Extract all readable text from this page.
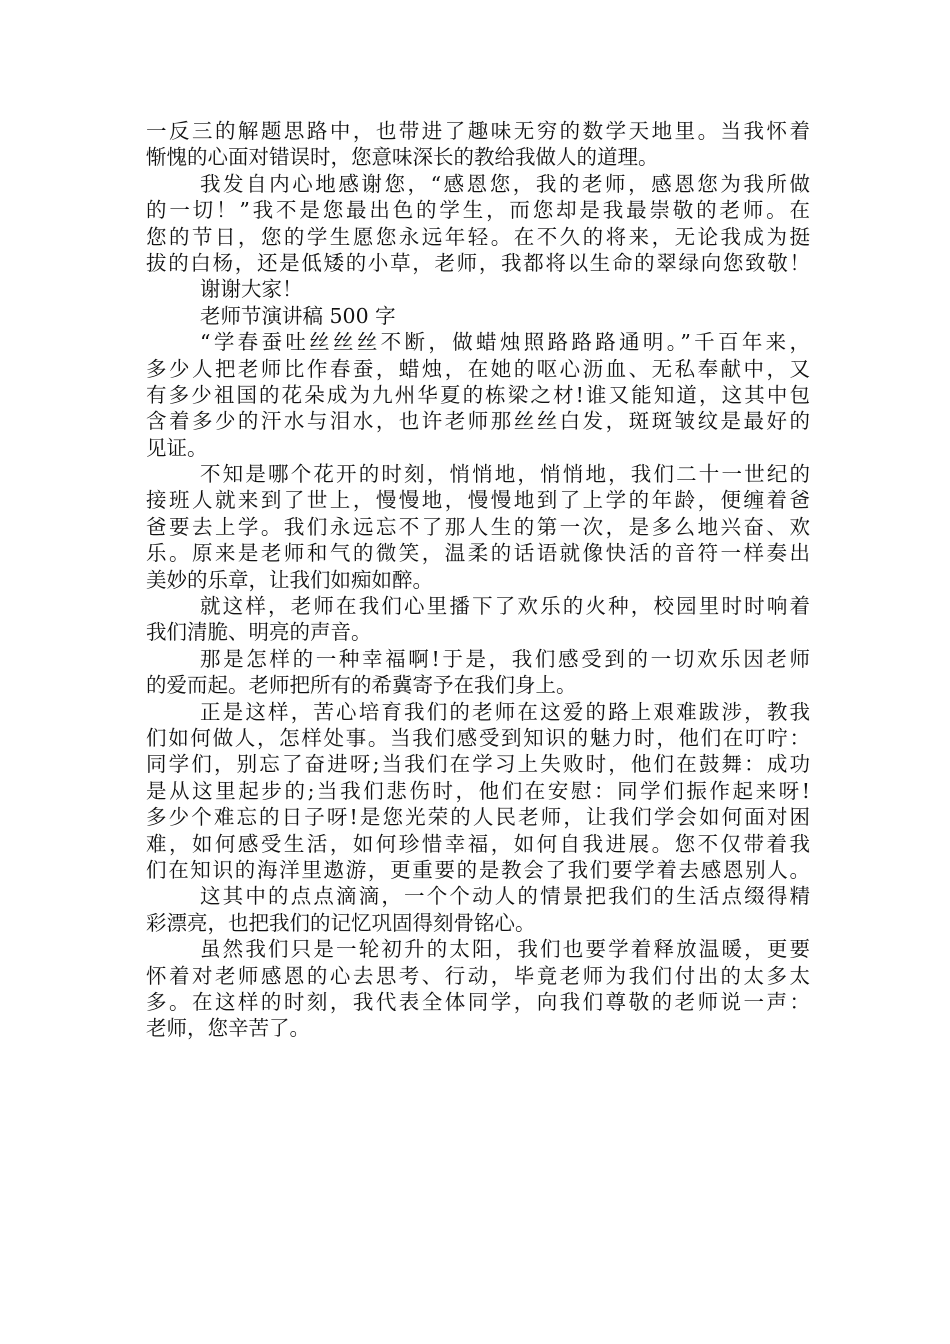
一反三的解题思路中，也带进了趣味无穷的数学天地里。当我怀着
惭愧的心面对错误时，您意味深长的教给我做人的道理。
我发自内心地感谢您，“感恩您，我的老师，感恩您为我所做
的一切！”我不是您最出色的学生，而您却是我最崇敬的老师。在
您的节日，您的学生愿您永远年轻。在不久的将来，无论我成为挺
拔的白杨，还是低矮的小草，老师，我都将以生命的翠绿向您致敬！
谢谢大家！
老师节演讲稿 500 字
“学春蚕吐丝丝丝不断，做蜡烛照路路路通明。”千百年来，
多少人把老师比作春蚕，蜡烛，在她的呕心沥血、无私奉献中，又
有多少祖国的花朵成为九州华夏的栋梁之材!谁又能知道，这其中包
含着多少的汗水与泪水，也许老师那丝丝白发，斑斑皱纹是最好的
见证。
不知是哪个花开的时刻，悄悄地，悄悄地，我们二十一世纪的
接班人就来到了世上，慢慢地，慢慢地到了上学的年龄，便缠着爸
爸要去上学。我们永远忘不了那人生的第一次，是多么地兴奋、欢
乐。原来是老师和气的微笑，温柔的话语就像快活的音符一样奏出
美妙的乐章，让我们如痴如醉。
就这样，老师在我们心里播下了欢乐的火种，校园里时时响着
我们清脆、明亮的声音。
那是怎样的一种幸福啊!于是，我们感受到的一切欢乐因老师
的爱而起。老师把所有的希冀寄予在我们身上。
正是这样，苦心培育我们的老师在这爱的路上艰难跋涉，教我
们如何做人，怎样处事。当我们感受到知识的魅力时，他们在叮咛：
同学们，别忘了奋进呀;当我们在学习上失败时，他们在鼓舞：成功
是从这里起步的;当我们悲伤时，他们在安慰：同学们振作起来呀!
多少个难忘的日子呀!是您光荣的人民老师，让我们学会如何面对困
难，如何感受生活，如何珍惜幸福，如何自我进展。您不仅带着我
们在知识的海洋里遨游，更重要的是教会了我们要学着去感恩别人。
这其中的点点滴滴，一个个动人的情景把我们的生活点缀得精
彩漂亮，也把我们的记忆巩固得刻骨铭心。
虽然我们只是一轮初升的太阳，我们也要学着释放温暖，更要
怀着对老师感恩的心去思考、行动，毕竟老师为我们付出的太多太
多。在这样的时刻，我代表全体同学，向我们尊敬的老师说一声：
老师，您辛苦了。
